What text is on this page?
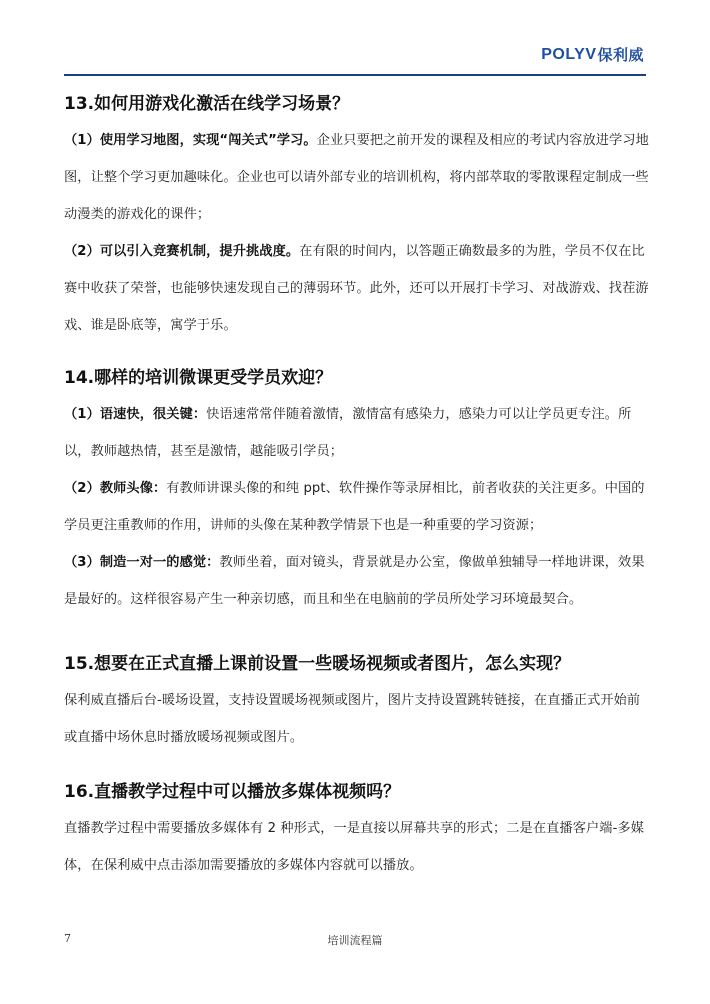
POLYV 保利威
13.如何用游戏化激活在线学习场景？

（1）使用学习地图，实现“闯关式”学习。企业只要把之前开发的课程及相应的考试内容放进学习地图，让整个学习更加趣味化。企业也可以请外部专业的培训机构，将内部萃取的零散课程定制成一些动漫类的游戏化的课件；

（2）可以引入竞赛机制，提升挑战度。在有限的时间内，以答题正确数最多的为胜，学员不仅在比赛中收获了荣誉，也能够快速发现自己的薄弱环节。此外，还可以开展打卡学习、对战游戏、找茬游戏、谁是卧底等，寓学于乐。

14.哪样的培训微课更受学员欢迎？

（1）语速快，很关键：快语速常常伴随着激情，激情富有感染力，感染力可以让学员更专注。所以，教师越热情，甚至是激情，越能吸引学员；

（2）教师头像：有教师讲课头像的和纯 ppt、软件操作等录屏相比，前者收获的关注更多。中国的学员更注重教师的作用，讲师的头像在某种教学情景下也是一种重要的学习资源；

（3）制造一对一的感觉：教师坐着，面对镜头，背景就是办公室，像做单独辅导一样地讲课，效果是最好的。这样很容易产生一种亲切感，而且和坐在电脑前的学员所处学习环境最契合。

15.想要在正式直播上课前设置一些暖场视频或者图片，怎么实现？

保利威直播后台-暖场设置，支持设置暖场视频或图片，图片支持设置跳转链接，在直播正式开始前或直播中场休息时播放暖场视频或图片。

16.直播教学过程中可以播放多媒体视频吗？

直播教学过程中需要播放多媒体有 2 种形式，一是直接以屏幕共享的形式；二是在直播客户端-多媒体，在保利威中点击添加需要播放的多媒体内容就可以播放。

7	培训流程篇
